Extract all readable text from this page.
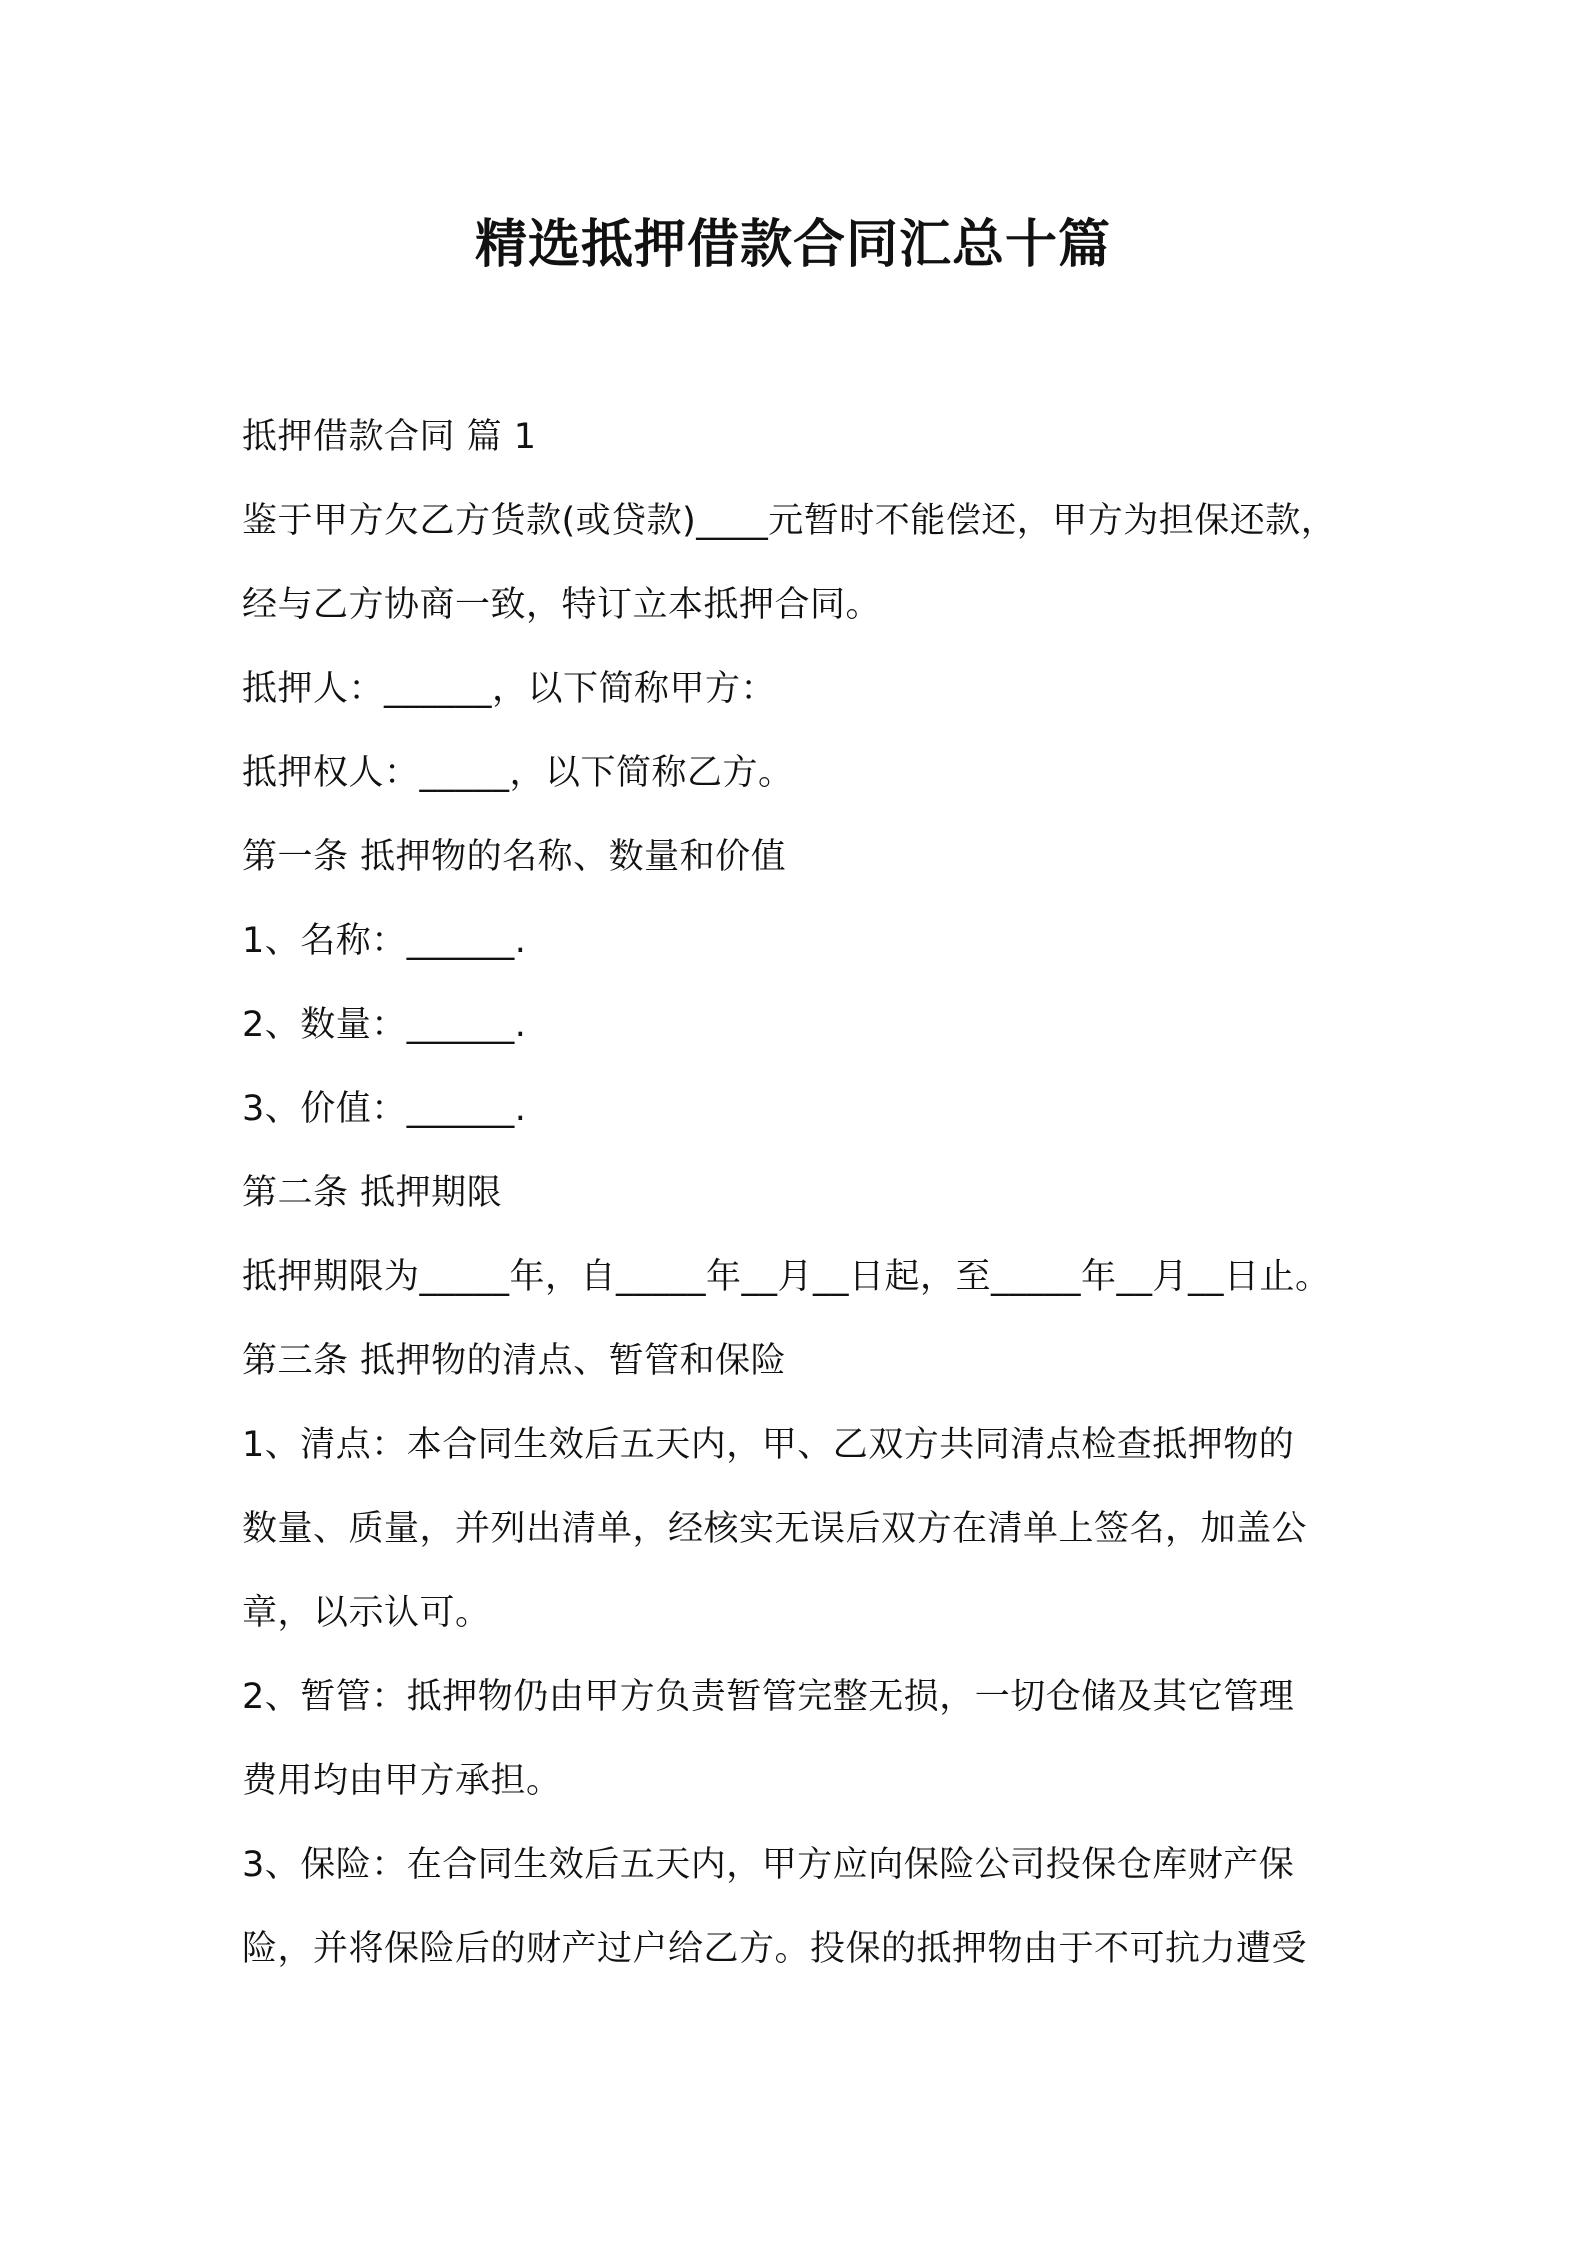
精选抵押借款合同汇总十篇
抵押借款合同 篇 1
鉴于甲方欠乙方货款(或贷款)____元暂时不能偿还，甲方为担保还款，
经与乙方协商一致，特订立本抵押合同。
抵押人：______，以下简称甲方：
抵押权人：_____，以下简称乙方。
第一条 抵押物的名称、数量和价值
1、名称：______.
2、数量：______.
3、价值：______.
第二条 抵押期限
抵押期限为_____年，自_____年__月__日起，至_____年__月__日止。
第三条 抵押物的清点、暂管和保险
1、清点：本合同生效后五天内，甲、乙双方共同清点检查抵押物的
数量、质量，并列出清单，经核实无误后双方在清单上签名，加盖公
章，以示认可。
2、暂管：抵押物仍由甲方负责暂管完整无损，一切仓储及其它管理
费用均由甲方承担。
3、保险：在合同生效后五天内，甲方应向保险公司投保仓库财产保
险，并将保险后的财产过户给乙方。投保的抵押物由于不可抗力遭受
